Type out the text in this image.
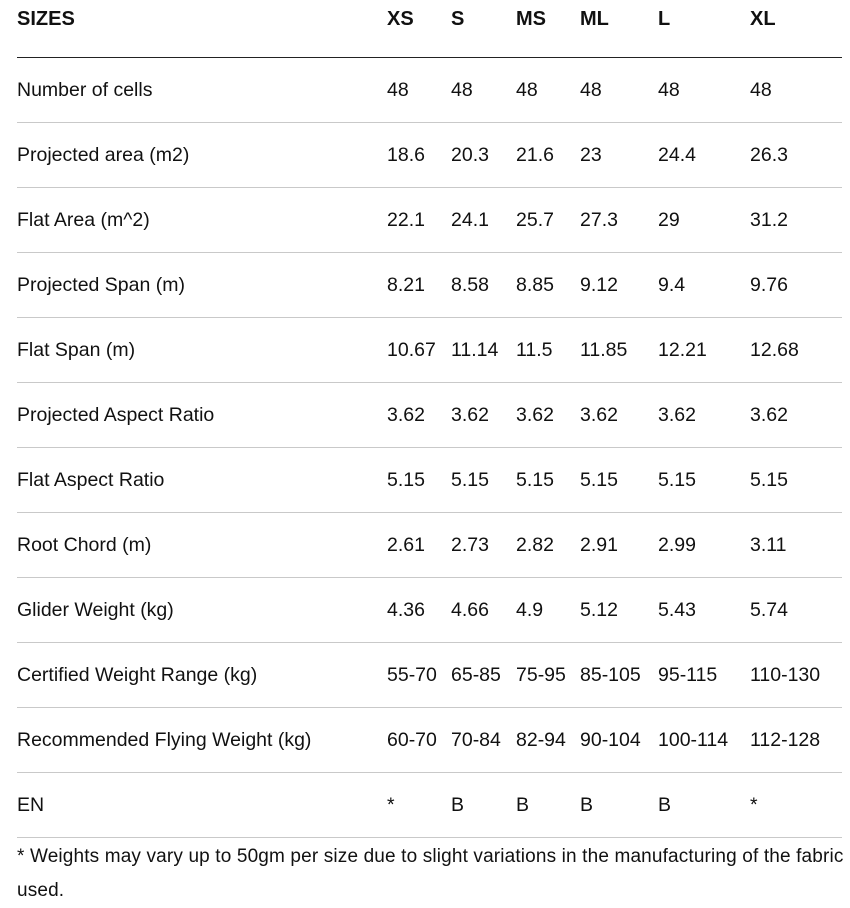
SIZES	XS	S	MS	ML	L	XL
Number of cells	48	48	48	48	48	48
Projected area (m2)	18.6	20.3	21.6	23	24.4	26.3
Flat Area (m^2)	22.1	24.1	25.7	27.3	29	31.2
Projected Span (m)	8.21	8.58	8.85	9.12	9.4	9.76
Flat Span (m)	10.67	11.14	11.5	11.85	12.21	12.68
Projected Aspect Ratio	3.62	3.62	3.62	3.62	3.62	3.62
Flat Aspect Ratio	5.15	5.15	5.15	5.15	5.15	5.15
Root Chord (m)	2.61	2.73	2.82	2.91	2.99	3.11
Glider Weight (kg)	4.36	4.66	4.9	5.12	5.43	5.74
Certified Weight Range (kg)	55-70	65-85	75-95	85-105	95-115	110-130
Recommended Flying Weight (kg)	60-70	70-84	82-94	90-104	100-114	112-128
EN	*	B	B	B	B	*

* Weights may vary up to 50gm per size due to slight variations in the manufacturing of the fabric used.
